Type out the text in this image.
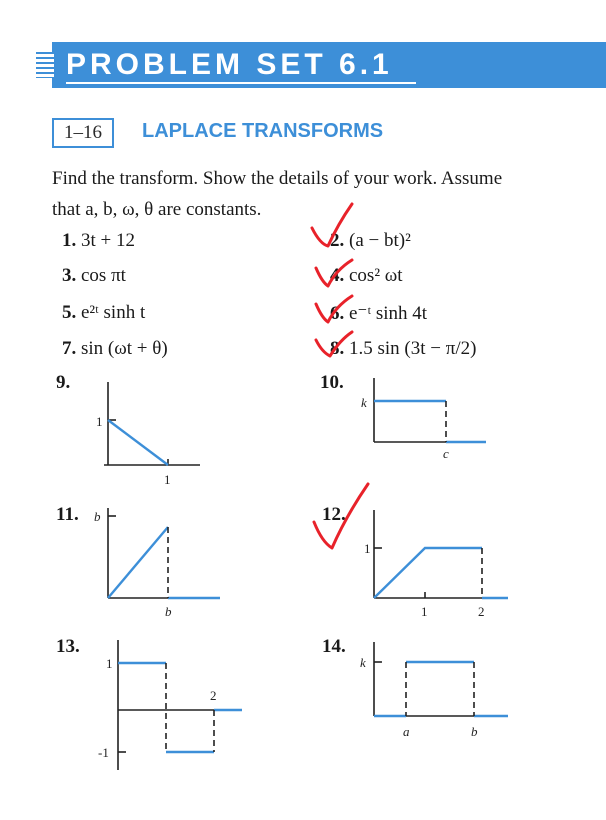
PROBLEM SET 6.1
1–16	LAPLACE TRANSFORMS
Find the transform. Show the details of your work. Assume
that a, b, ω, θ are constants.
1. 3t + 12	2. (a − bt)²
3. cos πt	4. cos² ωt
5. e²ᵗ sinh t	6. e⁻ᵗ sinh 4t
7. sin (ωt + θ)	8. 1.5 sin (3t − π/2)
9.	10.
11.	12.
13.	14.
1
1
k
c
b
b
1
1	2
1
-1
2
k
a	b
